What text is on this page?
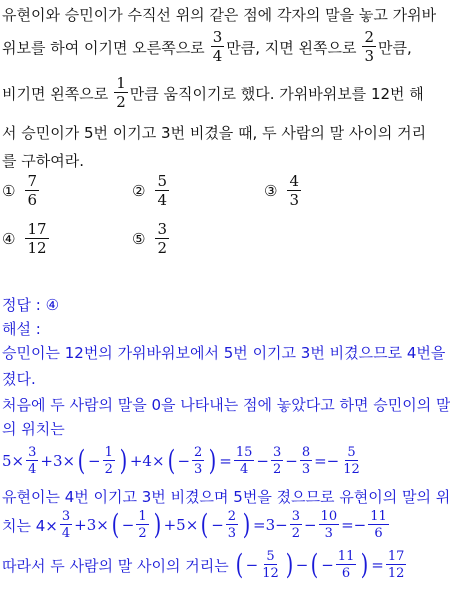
유현이와 승민이가 수직선 위의 같은 점에 각자의 말을 놓고 가위바
위보를 하여 이기면 오른쪽으로 $\frac{3}{4}$ 만큼, 지면 왼쪽으로 $\frac{2}{3}$ 만큼,
비기면 왼쪽으로 $\frac{1}{2}$ 만큼 움직이기로 했다. 가위바위보를 12번 해
서 승민이가 5번 이기고 3번 비겼을 때, 두 사람의 말 사이의 거리
를 구하여라.
① $\frac{7}{6}$	② $\frac{5}{4}$	③ $\frac{4}{3}$
④ $\frac{17}{12}$	⑤ $\frac{3}{2}$
정답 : ④
해설 :
승민이는 12번의 가위바위보에서 5번 이기고 3번 비겼으므로 4번을
졌다.
처음에 두 사람의 말을 0을 나타내는 점에 놓았다고 하면 승민이의 말
의 위치는
$5\times \frac{3}{4} +3\times$ ( − $\frac{1}{2}$ ) +4× ( − $\frac{2}{3}$ ) = $\frac{15}{4} - \frac{3}{2} - \frac{8}{3} =- \frac{5}{12}$
유현이는 4번 이기고 3번 비겼으며 5번을 졌으므로 유현이의 말의 위
치는 $4\times \frac{3}{4} +3\times$ ( − $\frac{1}{2}$ ) +5× ( − $\frac{2}{3}$ ) $=3- \frac{3}{2} - \frac{10}{3} =- \frac{11}{6}$
따라서 두 사람의 말 사이의 거리는 ( − $\frac{5}{12}$ ) − ( − $\frac{11}{6}$ ) = $\frac{17}{12}$
